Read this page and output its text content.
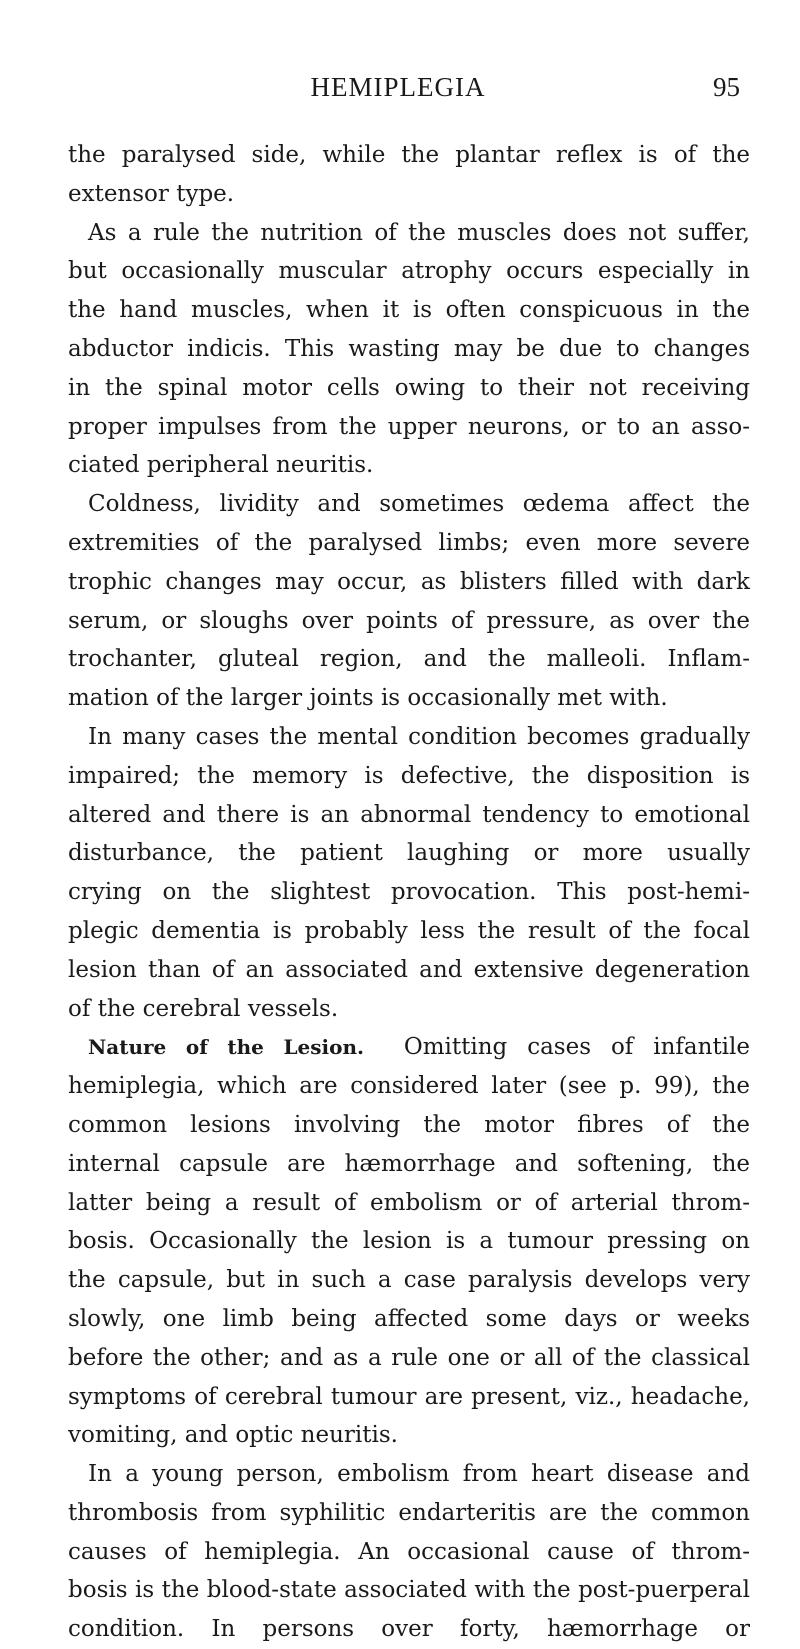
HEMIPLEGIA	95
the paralysed side, while the plantar reflex is of the
extensor type.
As a rule the nutrition of the muscles does not suffer,
but occasionally muscular atrophy occurs especially in
the hand muscles, when it is often conspicuous in the
abductor indicis. This wasting may be due to changes
in the spinal motor cells owing to their not receiving
proper impulses from the upper neurons, or to an asso-
ciated peripheral neuritis.
Coldness, lividity and sometimes œdema affect the
extremities of the paralysed limbs; even more severe
trophic changes may occur, as blisters filled with dark
serum, or sloughs over points of pressure, as over the
trochanter, gluteal region, and the malleoli. Inflam-
mation of the larger joints is occasionally met with.
In many cases the mental condition becomes gradually
impaired; the memory is defective, the disposition is
altered and there is an abnormal tendency to emotional
disturbance, the patient laughing or more usually
crying on the slightest provocation. This post-hemi-
plegic dementia is probably less the result of the focal
lesion than of an associated and extensive degeneration
of the cerebral vessels.
Nature of the Lesion. Omitting cases of infantile
hemiplegia, which are considered later (see p. 99), the
common lesions involving the motor fibres of the
internal capsule are hæmorrhage and softening, the
latter being a result of embolism or of arterial throm-
bosis. Occasionally the lesion is a tumour pressing on
the capsule, but in such a case paralysis develops very
slowly, one limb being affected some days or weeks
before the other; and as a rule one or all of the classical
symptoms of cerebral tumour are present, viz., headache,
vomiting, and optic neuritis.
In a young person, embolism from heart disease and
thrombosis from syphilitic endarteritis are the common
causes of hemiplegia. An occasional cause of throm-
bosis is the blood-state associated with the post-puerperal
condition. In persons over forty, hæmorrhage or
